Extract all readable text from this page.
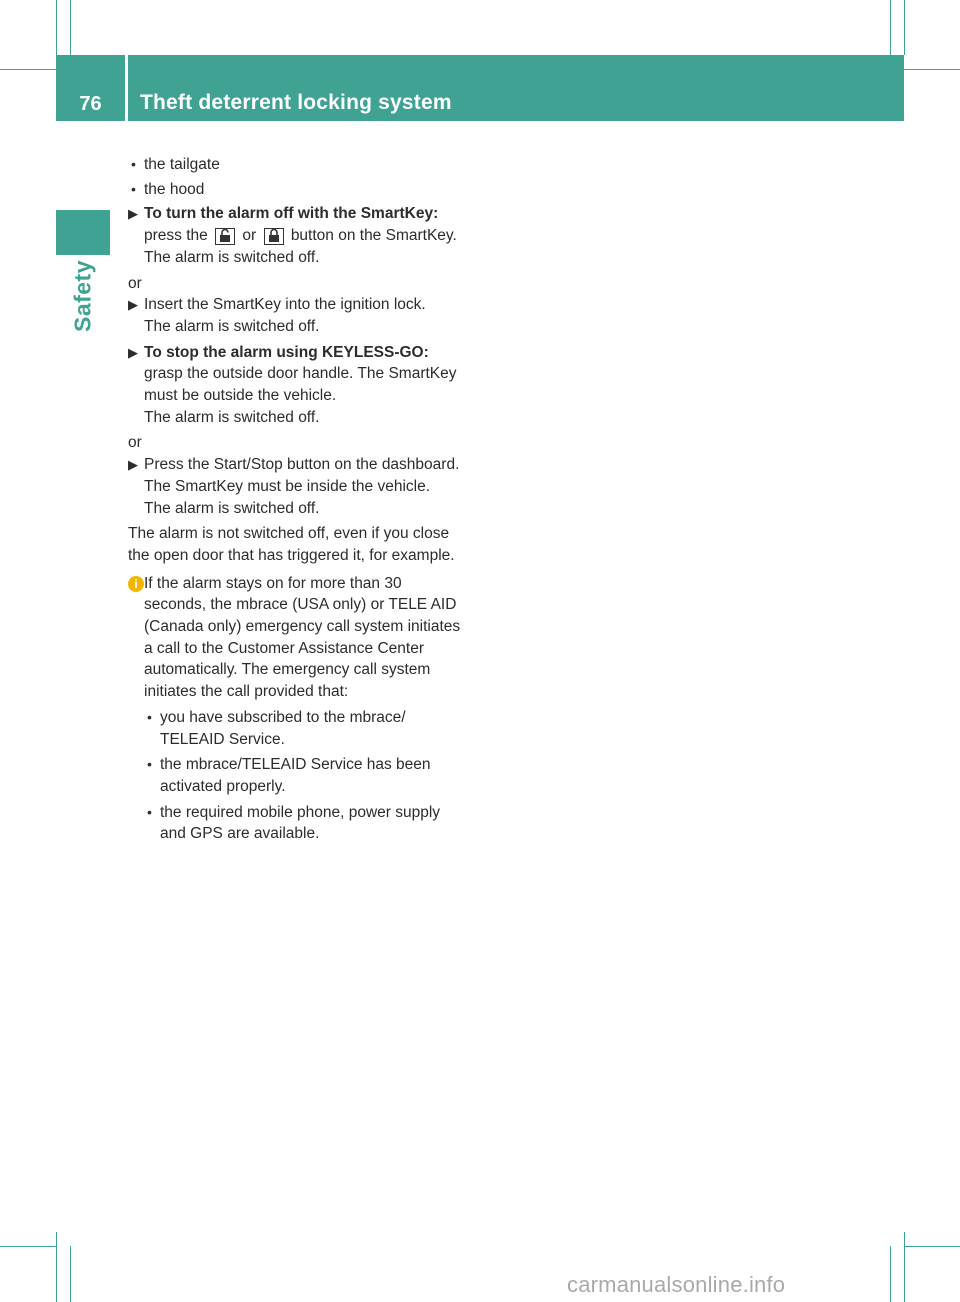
76	Theft deterrent locking system
Safety
• the tailgate
• the hood
▶ To turn the alarm off with the SmartKey: press the or button on the SmartKey.

The alarm is switched off.

or

▶ Insert the SmartKey into the ignition lock.

The alarm is switched off.

▶ To stop the alarm using KEYLESS-GO: grasp the outside door handle. The SmartKey must be outside the vehicle.

The alarm is switched off.

or

▶ Press the Start/Stop button on the dashboard. The SmartKey must be inside the vehicle.

The alarm is switched off.

The alarm is not switched off, even if you close the open door that has triggered it, for example.

i If the alarm stays on for more than 30 seconds, the mbrace (USA only) or TELE AID (Canada only) emergency call system initiates a call to the Customer Assistance Center automatically. The emergency call system initiates the call provided that:

• you have subscribed to the mbrace/ TELEAID Service.

• the mbrace/TELEAID Service has been activated properly.

• the required mobile phone, power supply and GPS are available.

carmanualsonline.info
